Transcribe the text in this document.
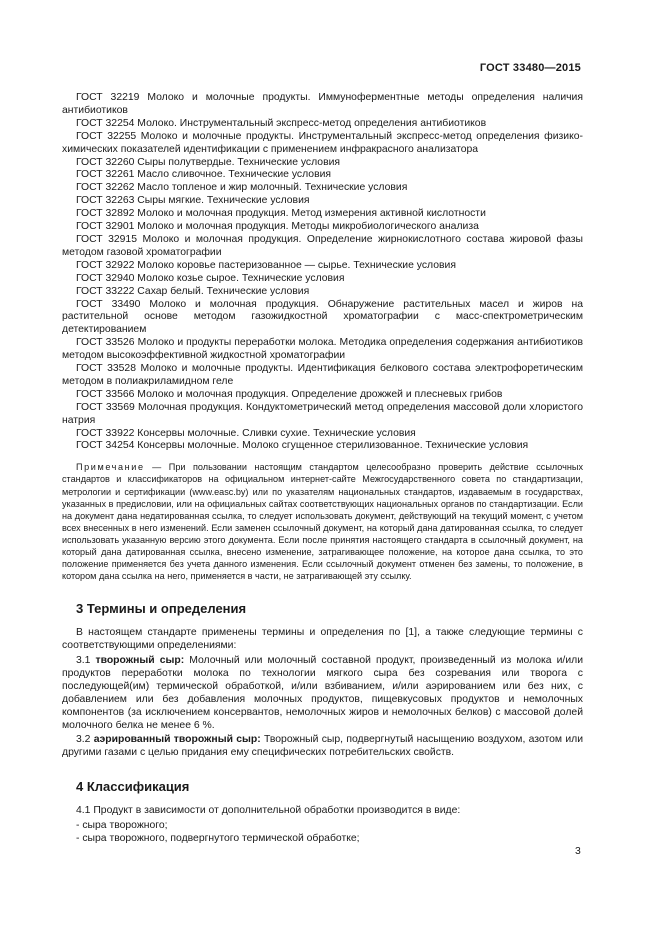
ГОСТ 33480—2015

ГОСТ 32219 Молоко и молочные продукты. Иммуноферментные методы определения наличия антибиотиков

ГОСТ 32254 Молоко. Инструментальный экспресс-метод определения антибиотиков

ГОСТ 32255 Молоко и молочные продукты. Инструментальный экспресс-метод определения физико-химических показателей идентификации с применением инфракрасного анализатора

ГОСТ 32260 Сыры полутвердые. Технические условия

ГОСТ 32261 Масло сливочное. Технические условия

ГОСТ 32262 Масло топленое и жир молочный. Технические условия

ГОСТ 32263 Сыры мягкие. Технические условия

ГОСТ 32892 Молоко и молочная продукция. Метод измерения активной кислотности

ГОСТ 32901 Молоко и молочная продукция. Методы микробиологического анализа

ГОСТ 32915 Молоко и молочная продукция. Определение жирнокислотного состава жировой фазы методом газовой хроматографии

ГОСТ 32922 Молоко коровье пастеризованное — сырье. Технические условия

ГОСТ 32940 Молоко козье сырое. Технические условия

ГОСТ 33222 Сахар белый. Технические условия

ГОСТ 33490 Молоко и молочная продукция. Обнаружение растительных масел и жиров на растительной основе методом газожидкостной хроматографии с масс-спектрометрическим детектированием

ГОСТ 33526 Молоко и продукты переработки молока. Методика определения содержания антибиотиков методом высокоэффективной жидкостной хроматографии

ГОСТ 33528 Молоко и молочные продукты. Идентификация белкового состава электрофоретическим методом в полиакриламидном геле

ГОСТ 33566 Молоко и молочная продукция. Определение дрожжей и плесневых грибов

ГОСТ 33569 Молочная продукция. Кондуктометрический метод определения массовой доли хлористого натрия

ГОСТ 33922 Консервы молочные. Сливки сухие. Технические условия

ГОСТ 34254 Консервы молочные. Молоко сгущенное стерилизованное. Технические условия

Примечание — При пользовании настоящим стандартом целесообразно проверить действие ссылочных стандартов и классификаторов на официальном интернет-сайте Межгосударственного совета по стандартизации, метрологии и сертификации (www.easc.by) или по указателям национальных стандартов, издаваемым в государствах, указанных в предисловии, или на официальных сайтах соответствующих национальных органов по стандартизации. Если на документ дана недатированная ссылка, то следует использовать документ, действующий на текущий момент, с учетом всех внесенных в него изменений. Если заменен ссылочный документ, на который дана датированная ссылка, то следует использовать указанную версию этого документа. Если после принятия настоящего стандарта в ссылочный документ, на который дана датированная ссылка, внесено изменение, затрагивающее положение, на которое дана ссылка, то это положение применяется без учета данного изменения. Если ссылочный документ отменен без замены, то положение, в котором дана ссылка на него, применяется в части, не затрагивающей эту ссылку.
3 Термины и определения

В настоящем стандарте применены термины и определения по [1], а также следующие термины с соответствующими определениями:

3.1 творожный сыр: Молочный или молочный составной продукт, произведенный из молока и/или продуктов переработки молока по технологии мягкого сыра без созревания или творога с последующей(им) термической обработкой, и/или взбиванием, и/или аэрированием или без них, с добавлением или без добавления молочных продуктов, пищевкусовых продуктов и немолочных компонентов (за исключением консервантов, немолочных жиров и немолочных белков) с массовой долей молочного белка не менее 6 %.

3.2 аэрированный творожный сыр: Творожный сыр, подвергнутый насыщению воздухом, азотом или другими газами с целью придания ему специфических потребительских свойств.

4 Классификация

4.1 Продукт в зависимости от дополнительной обработки производится в виде:

- сыра творожного;

- сыра творожного, подвергнутого термической обработке;

3
